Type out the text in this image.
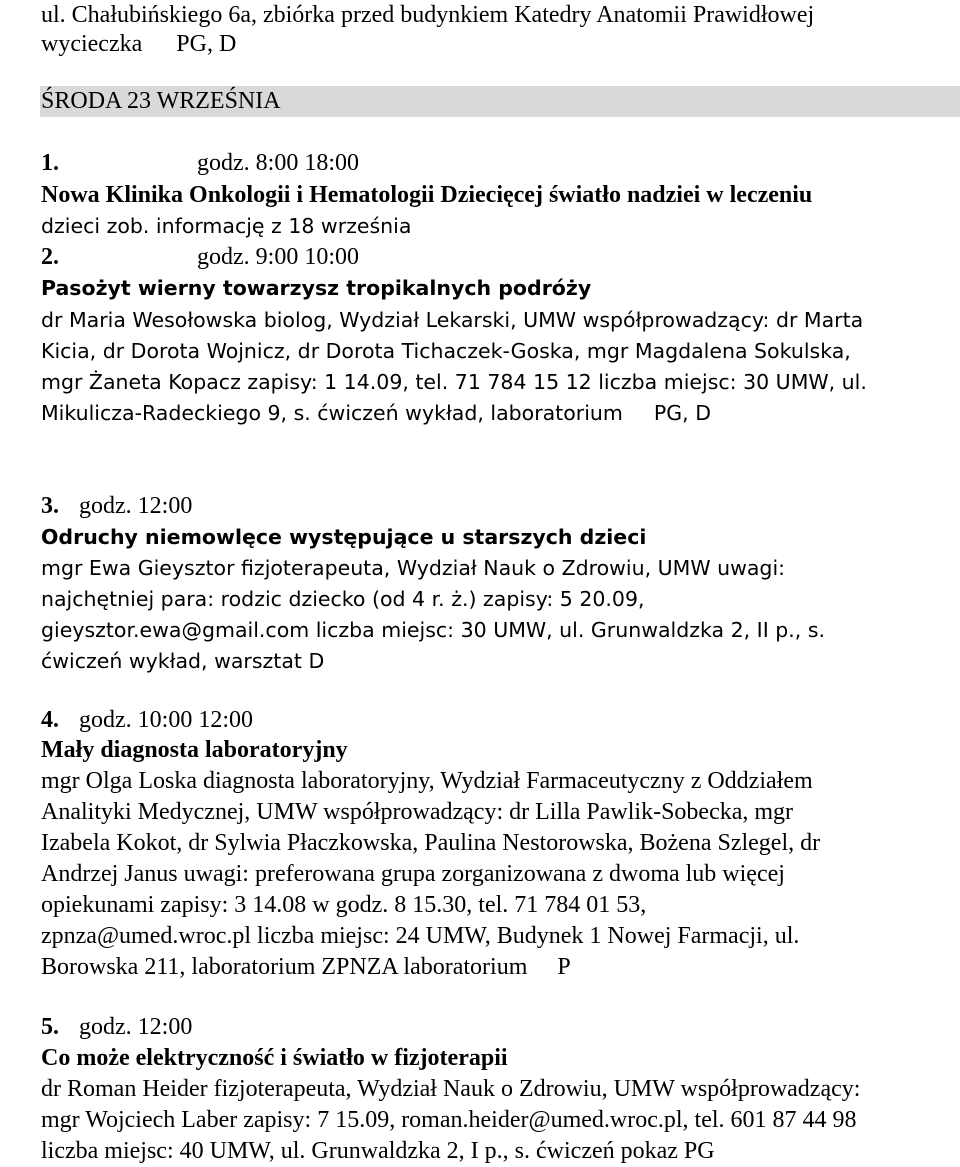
ul. Chałubińskiego 6a, zbiórka przed budynkiem Katedry Anatomii Prawidłowej
wycieczka PG, D
ŚRODA 23 WRZEŚNIA
1.	godz. 8:00 18:00
Nowa Klinika Onkologii i Hematologii Dziecięcej światło nadziei w leczeniu
dzieci zob. informację z 18 września
2.	godz. 9:00 10:00
Pasożyt wierny towarzysz tropikalnych podróży
dr Maria Wesołowska biolog, Wydział Lekarski, UMW współprowadzący: dr Marta
Kicia, dr Dorota Wojnicz, dr Dorota Tichaczek-Goska, mgr Magdalena Sokulska,
mgr Żaneta Kopacz zapisy: 1 14.09, tel. 71 784 15 12 liczba miejsc: 30 UMW, ul.
Mikulicza-Radeckiego 9, s. ćwiczeń wykład, laboratorium PG, D
3. godz. 12:00
Odruchy niemowlęce występujące u starszych dzieci
mgr Ewa Gieysztor fizjoterapeuta, Wydział Nauk o Zdrowiu, UMW uwagi:
najchętniej para: rodzic dziecko (od 4 r. ż.) zapisy: 5 20.09,
gieysztor.ewa@gmail.com liczba miejsc: 30 UMW, ul. Grunwaldzka 2, II p., s.
ćwiczeń wykład, warsztat D
4. godz. 10:00 12:00
Mały diagnosta laboratoryjny
mgr Olga Loska diagnosta laboratoryjny, Wydział Farmaceutyczny z Oddziałem
Analityki Medycznej, UMW współprowadzący: dr Lilla Pawlik-Sobecka, mgr
Izabela Kokot, dr Sylwia Płaczkowska, Paulina Nestorowska, Bożena Szlegel, dr
Andrzej Janus uwagi: preferowana grupa zorganizowana z dwoma lub więcej
opiekunami zapisy: 3 14.08 w godz. 8 15.30, tel. 71 784 01 53,
zpnza@umed.wroc.pl liczba miejsc: 24 UMW, Budynek 1 Nowej Farmacji, ul.
Borowska 211, laboratorium ZPNZA laboratorium P
5. godz. 12:00
Co może elektryczność i światło w fizjoterapii
dr Roman Heider fizjoterapeuta, Wydział Nauk o Zdrowiu, UMW współprowadzący:
mgr Wojciech Laber zapisy: 7 15.09, roman.heider@umed.wroc.pl, tel. 601 87 44 98
liczba miejsc: 40 UMW, ul. Grunwaldzka 2, I p., s. ćwiczeń pokaz PG
